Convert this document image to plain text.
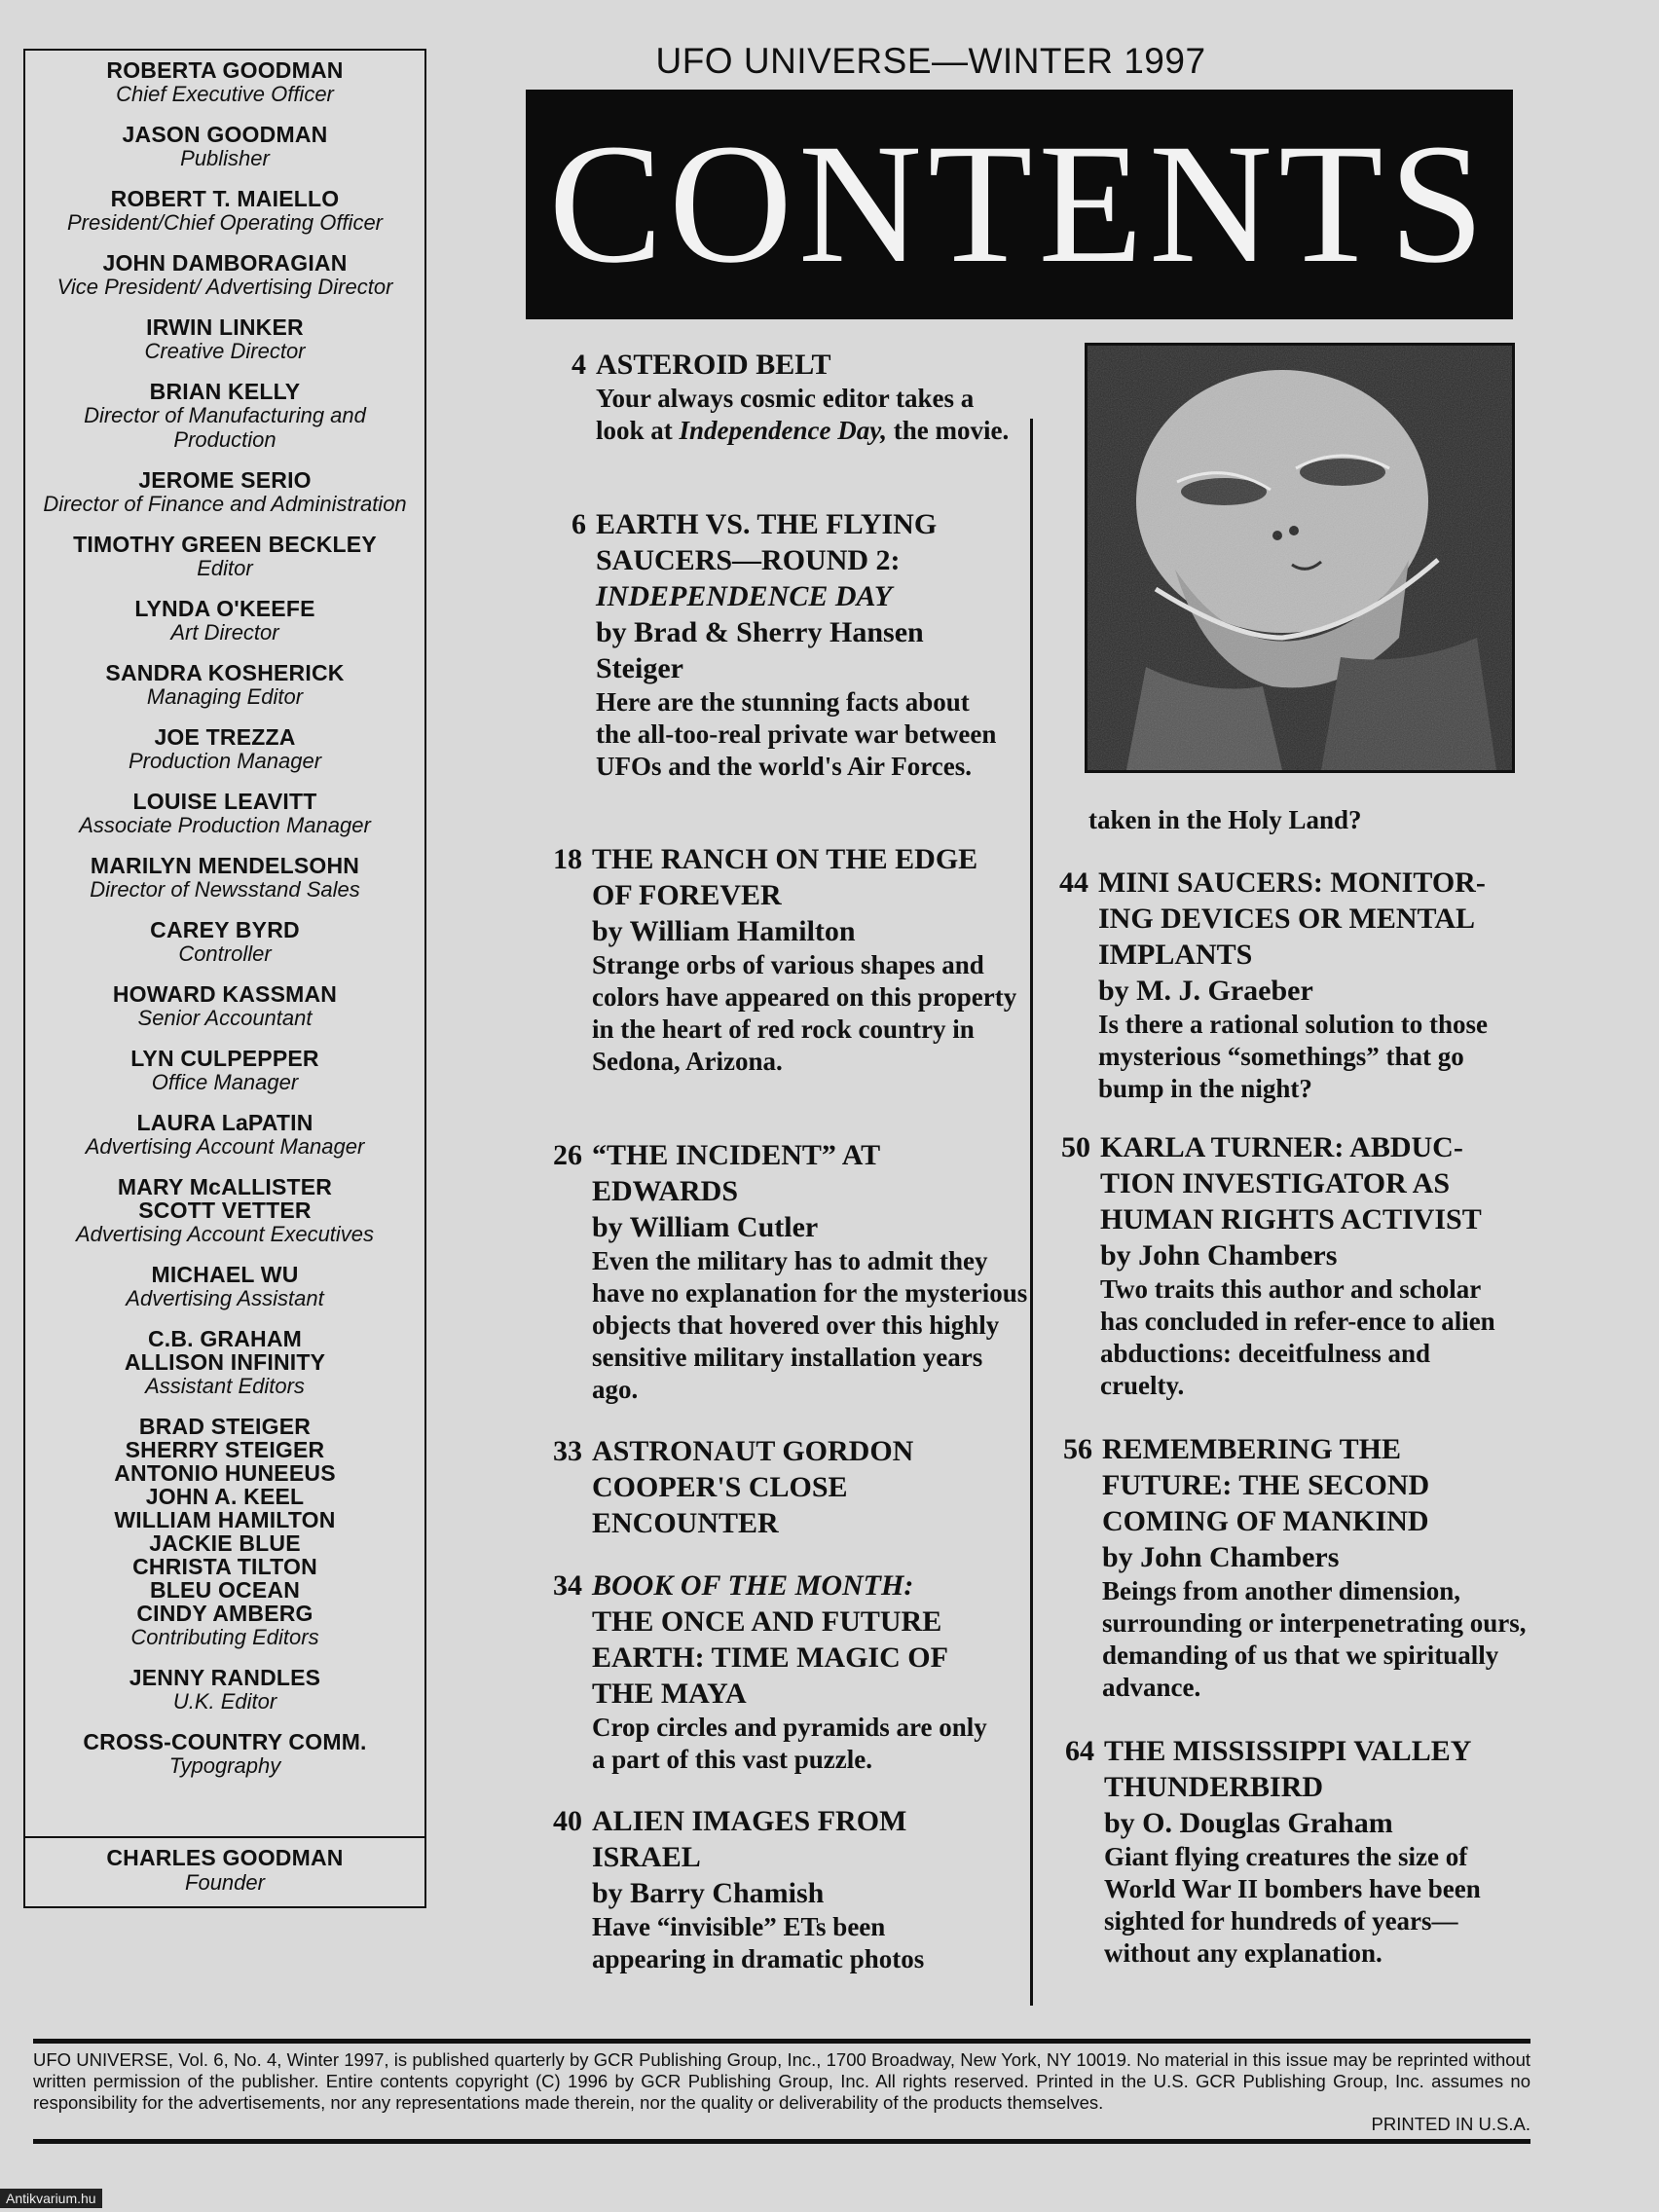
ROBERTA GOODMAN
Chief Executive Officer
JASON GOODMAN
Publisher
ROBERT T. MAIELLO
President/Chief Operating Officer
JOHN DAMBORAGIAN
Vice President/ Advertising Director
IRWIN LINKER
Creative Director
BRIAN KELLY
Director of Manufacturing and Production
JEROME SERIO
Director of Finance and Administration
TIMOTHY GREEN BECKLEY
Editor
LYNDA O'KEEFE
Art Director
SANDRA KOSHERICK
Managing Editor
JOE TREZZA
Production Manager
LOUISE LEAVITT
Associate Production Manager
MARILYN MENDELSOHN
Director of Newsstand Sales
CAREY BYRD
Controller
HOWARD KASSMAN
Senior Accountant
LYN CULPEPPER
Office Manager
LAURA LaPATIN
Advertising Account Manager
MARY McALLISTER
SCOTT VETTER
Advertising Account Executives
MICHAEL WU
Advertising Assistant
C.B. GRAHAM
ALLISON INFINITY
Assistant Editors
BRAD STEIGER
SHERRY STEIGER
ANTONIO HUNEEUS
JOHN A. KEEL
WILLIAM HAMILTON
JACKIE BLUE
CHRISTA TILTON
BLEU OCEAN
CINDY AMBERG
Contributing Editors
JENNY RANDLES
U.K. Editor
CROSS-COUNTRY COMM.
Typography
CHARLES GOODMAN
Founder
UFO UNIVERSE—WINTER 1997
CONTENTS
4 ASTEROID BELT
Your always cosmic editor takes a look at Independence Day, the movie.
6 EARTH VS. THE FLYING SAUCERS—ROUND 2:
INDEPENDENCE DAY
by Brad & Sherry Hansen Steiger
Here are the stunning facts about the all-too-real private war between UFOs and the world's Air Forces.
18 THE RANCH ON THE EDGE OF FOREVER
by William Hamilton
Strange orbs of various shapes and colors have appeared on this property in the heart of red rock country in Sedona, Arizona.
26 “THE INCIDENT” AT EDWARDS
by William Cutler
Even the military has to admit they have no explanation for the mysterious objects that hovered over this highly sensitive military installation years ago.
33 ASTRONAUT GORDON COOPER'S CLOSE ENCOUNTER
34 BOOK OF THE MONTH:
THE ONCE AND FUTURE EARTH: TIME MAGIC OF THE MAYA
Crop circles and pyramids are only a part of this vast puzzle.
40 ALIEN IMAGES FROM ISRAEL
by Barry Chamish
Have “invisible” ETs been appearing in dramatic photos
taken in the Holy Land?
44 MINI SAUCERS: MONITOR-ING DEVICES OR MENTAL IMPLANTS
by M. J. Graeber
Is there a rational solution to those mysterious “somethings” that go bump in the night?
50 KARLA TURNER: ABDUC-TION INVESTIGATOR AS HUMAN RIGHTS ACTIVIST
by John Chambers
Two traits this author and scholar has concluded in refer-ence to alien abductions: deceitfulness and cruelty.
56 REMEMBERING THE FUTURE: THE SECOND COMING OF MANKIND
by John Chambers
Beings from another dimension, surrounding or interpenetrating ours, demanding of us that we spiritually advance.
64 THE MISSISSIPPI VALLEY THUNDERBIRD
by O. Douglas Graham
Giant flying creatures the size of World War II bombers have been sighted for hundreds of years—without any explanation.
UFO UNIVERSE, Vol. 6, No. 4, Winter 1997, is published quarterly by GCR Publishing Group, Inc., 1700 Broadway, New York, NY 10019. No material in this issue may be reprinted without written permission of the publisher. Entire contents copyright (C) 1996 by GCR Publishing Group, Inc. All rights reserved. Printed in the U.S. GCR Publishing Group, Inc. assumes no responsibility for the advertisements, nor any representations made therein, nor the quality or deliverability of the products themselves.
PRINTED IN U.S.A.
Antikvarium.hu
